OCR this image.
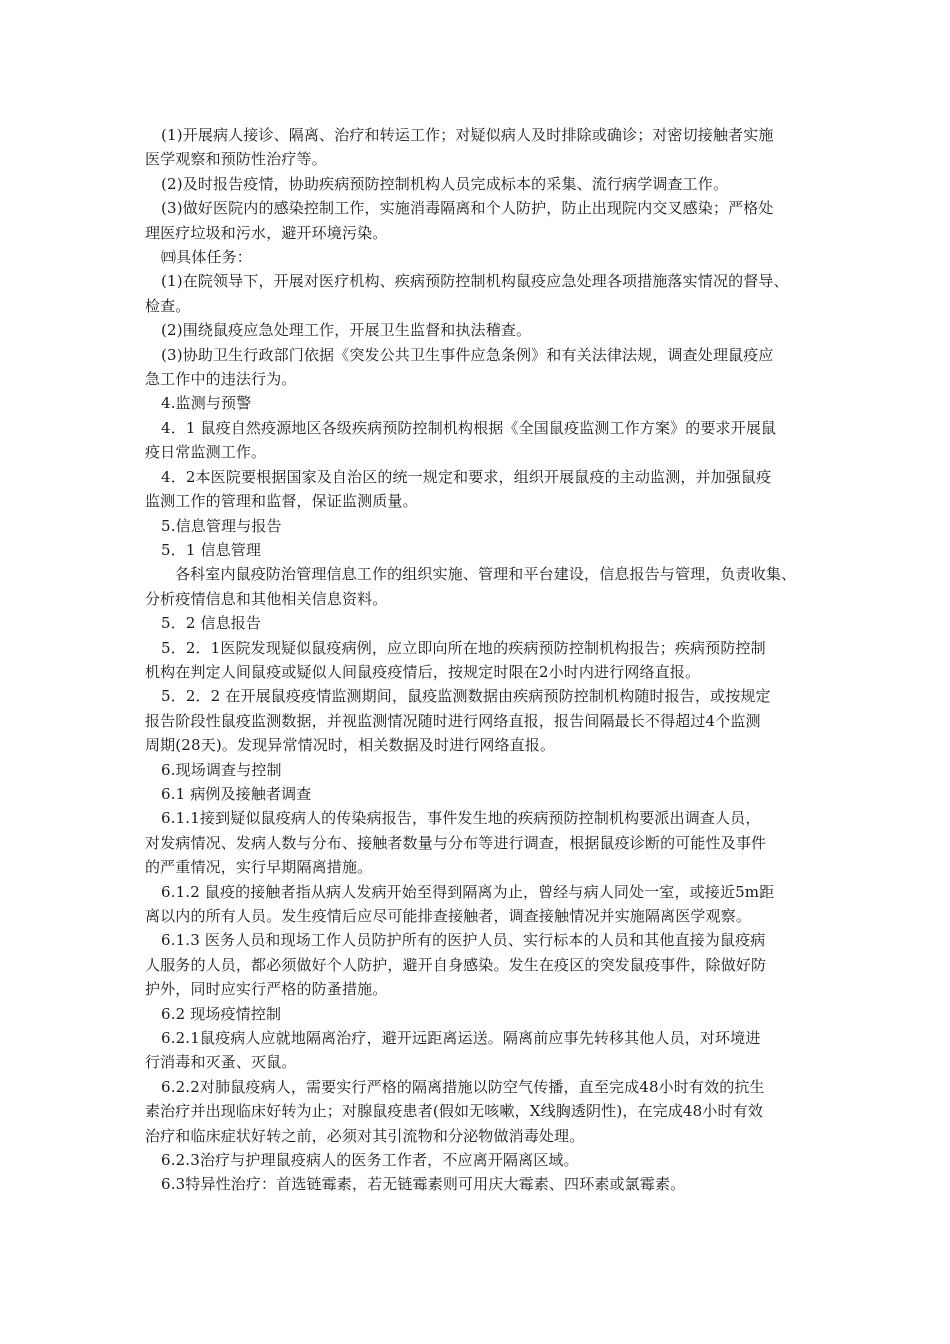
(1)开展病人接诊、隔离、治疗和转运工作；对疑似病人及时排除或确诊；对密切接触者实施
医学观察和预防性治疗等。

(2)及时报告疫情，协助疾病预防控制机构人员完成标本的采集、流行病学调查工作。

(3)做好医院内的感染控制工作，实施消毒隔离和个人防护，防止出现院内交叉感染；严格处
理医疗垃圾和污水，避开环境污染。

㈣具体任务：

(1)在院领导下，开展对医疗机构、疾病预防控制机构鼠疫应急处理各项措施落实情况的督导、
检查。

(2)围绕鼠疫应急处理工作，开展卫生监督和执法稽查。

(3)协助卫生行政部门依据《突发公共卫生事件应急条例》和有关法律法规，调查处理鼠疫应
急工作中的违法行为。

4.监测与预警

4．1 鼠疫自然疫源地区各级疾病预防控制机构根据《全国鼠疫监测工作方案》的要求开展鼠
疫日常监测工作。

4．2本医院要根据国家及自治区的统一规定和要求，组织开展鼠疫的主动监测，并加强鼠疫
监测工作的管理和监督，保证监测质量。

5.信息管理与报告

5．1 信息管理

各科室内鼠疫防治管理信息工作的组织实施、管理和平台建设，信息报告与管理，负责收集、
分析疫情信息和其他相关信息资料。

5．2 信息报告

5．2．1医院发现疑似鼠疫病例，应立即向所在地的疾病预防控制机构报告；疾病预防控制
机构在判定人间鼠疫或疑似人间鼠疫疫情后，按规定时限在2小时内进行网络直报。

5．2．2 在开展鼠疫疫情监测期间，鼠疫监测数据由疾病预防控制机构随时报告，或按规定
报告阶段性鼠疫监测数据，并视监测情况随时进行网络直报，报告间隔最长不得超过4个监测
周期(28天)。发现异常情况时，相关数据及时进行网络直报。

6.现场调查与控制

6.1 病例及接触者调查

6.1.1接到疑似鼠疫病人的传染病报告，事件发生地的疾病预防控制机构要派出调查人员，
对发病情况、发病人数与分布、接触者数量与分布等进行调查，根据鼠疫诊断的可能性及事件
的严重情况，实行早期隔离措施。

6.1.2 鼠疫的接触者指从病人发病开始至得到隔离为止，曾经与病人同处一室，或接近5m距
离以内的所有人员。发生疫情后应尽可能排查接触者，调查接触情况并实施隔离医学观察。

6.1.3 医务人员和现场工作人员防护所有的医护人员、实行标本的人员和其他直接为鼠疫病
人服务的人员，都必须做好个人防护，避开自身感染。发生在疫区的突发鼠疫事件，除做好防
护外，同时应实行严格的防蚤措施。

6.2 现场疫情控制

6.2.1鼠疫病人应就地隔离治疗，避开远距离运送。隔离前应事先转移其他人员，对环境进
行消毒和灭蚤、灭鼠。

6.2.2对肺鼠疫病人，需要实行严格的隔离措施以防空气传播，直至完成48小时有效的抗生
素治疗并出现临床好转为止；对腺鼠疫患者(假如无咳嗽，X线胸透阴性)，在完成48小时有效
治疗和临床症状好转之前，必须对其引流物和分泌物做消毒处理。

6.2.3治疗与护理鼠疫病人的医务工作者，不应离开隔离区域。

6.3特异性治疗：首选链霉素，若无链霉素则可用庆大霉素、四环素或氯霉素。
